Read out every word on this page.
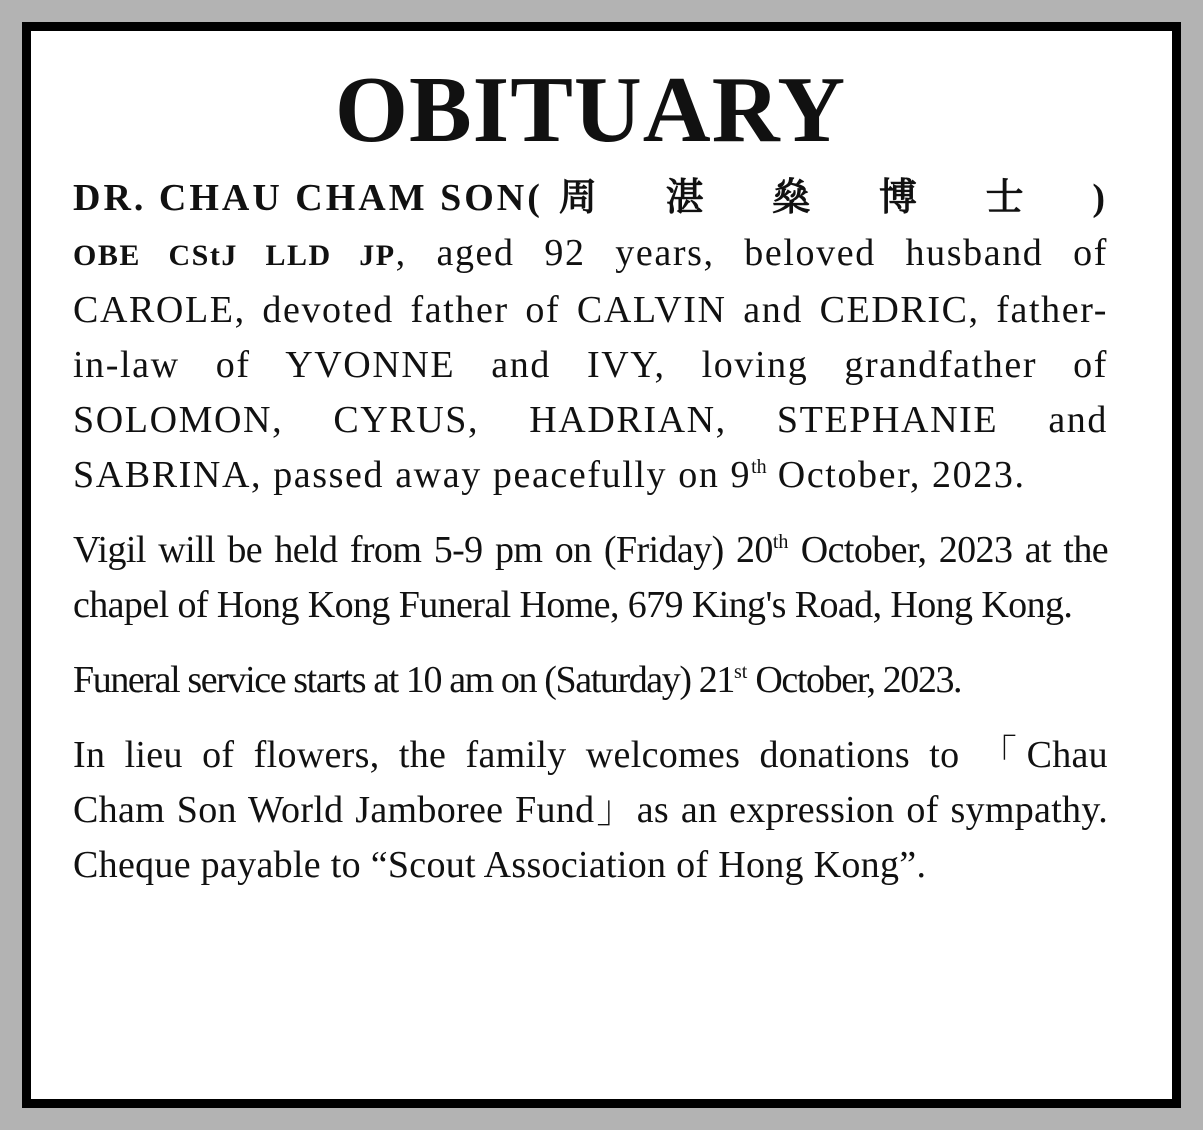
OBITUARY
DR. CHAU CHAM SON( 周 湛 燊 博 士 )
OBE CStJ LLD JP, aged 92 years, beloved husband of CAROLE, devoted father of CALVIN and CEDRIC, father-in-law of YVONNE and IVY, loving grandfather of SOLOMON, CYRUS, HADRIAN, STEPHANIE and SABRINA, passed away peacefully on 9th October, 2023.

Vigil will be held from 5-9 pm on (Friday) 20th October, 2023 at the chapel of Hong Kong Funeral Home, 679 King's Road, Hong Kong.

Funeral service starts at 10 am on (Saturday) 21st October, 2023.

In lieu of flowers, the family welcomes donations to 「Chau Cham Son World Jamboree Fund」as an expression of sympathy. Cheque payable to “Scout Association of Hong Kong”.
